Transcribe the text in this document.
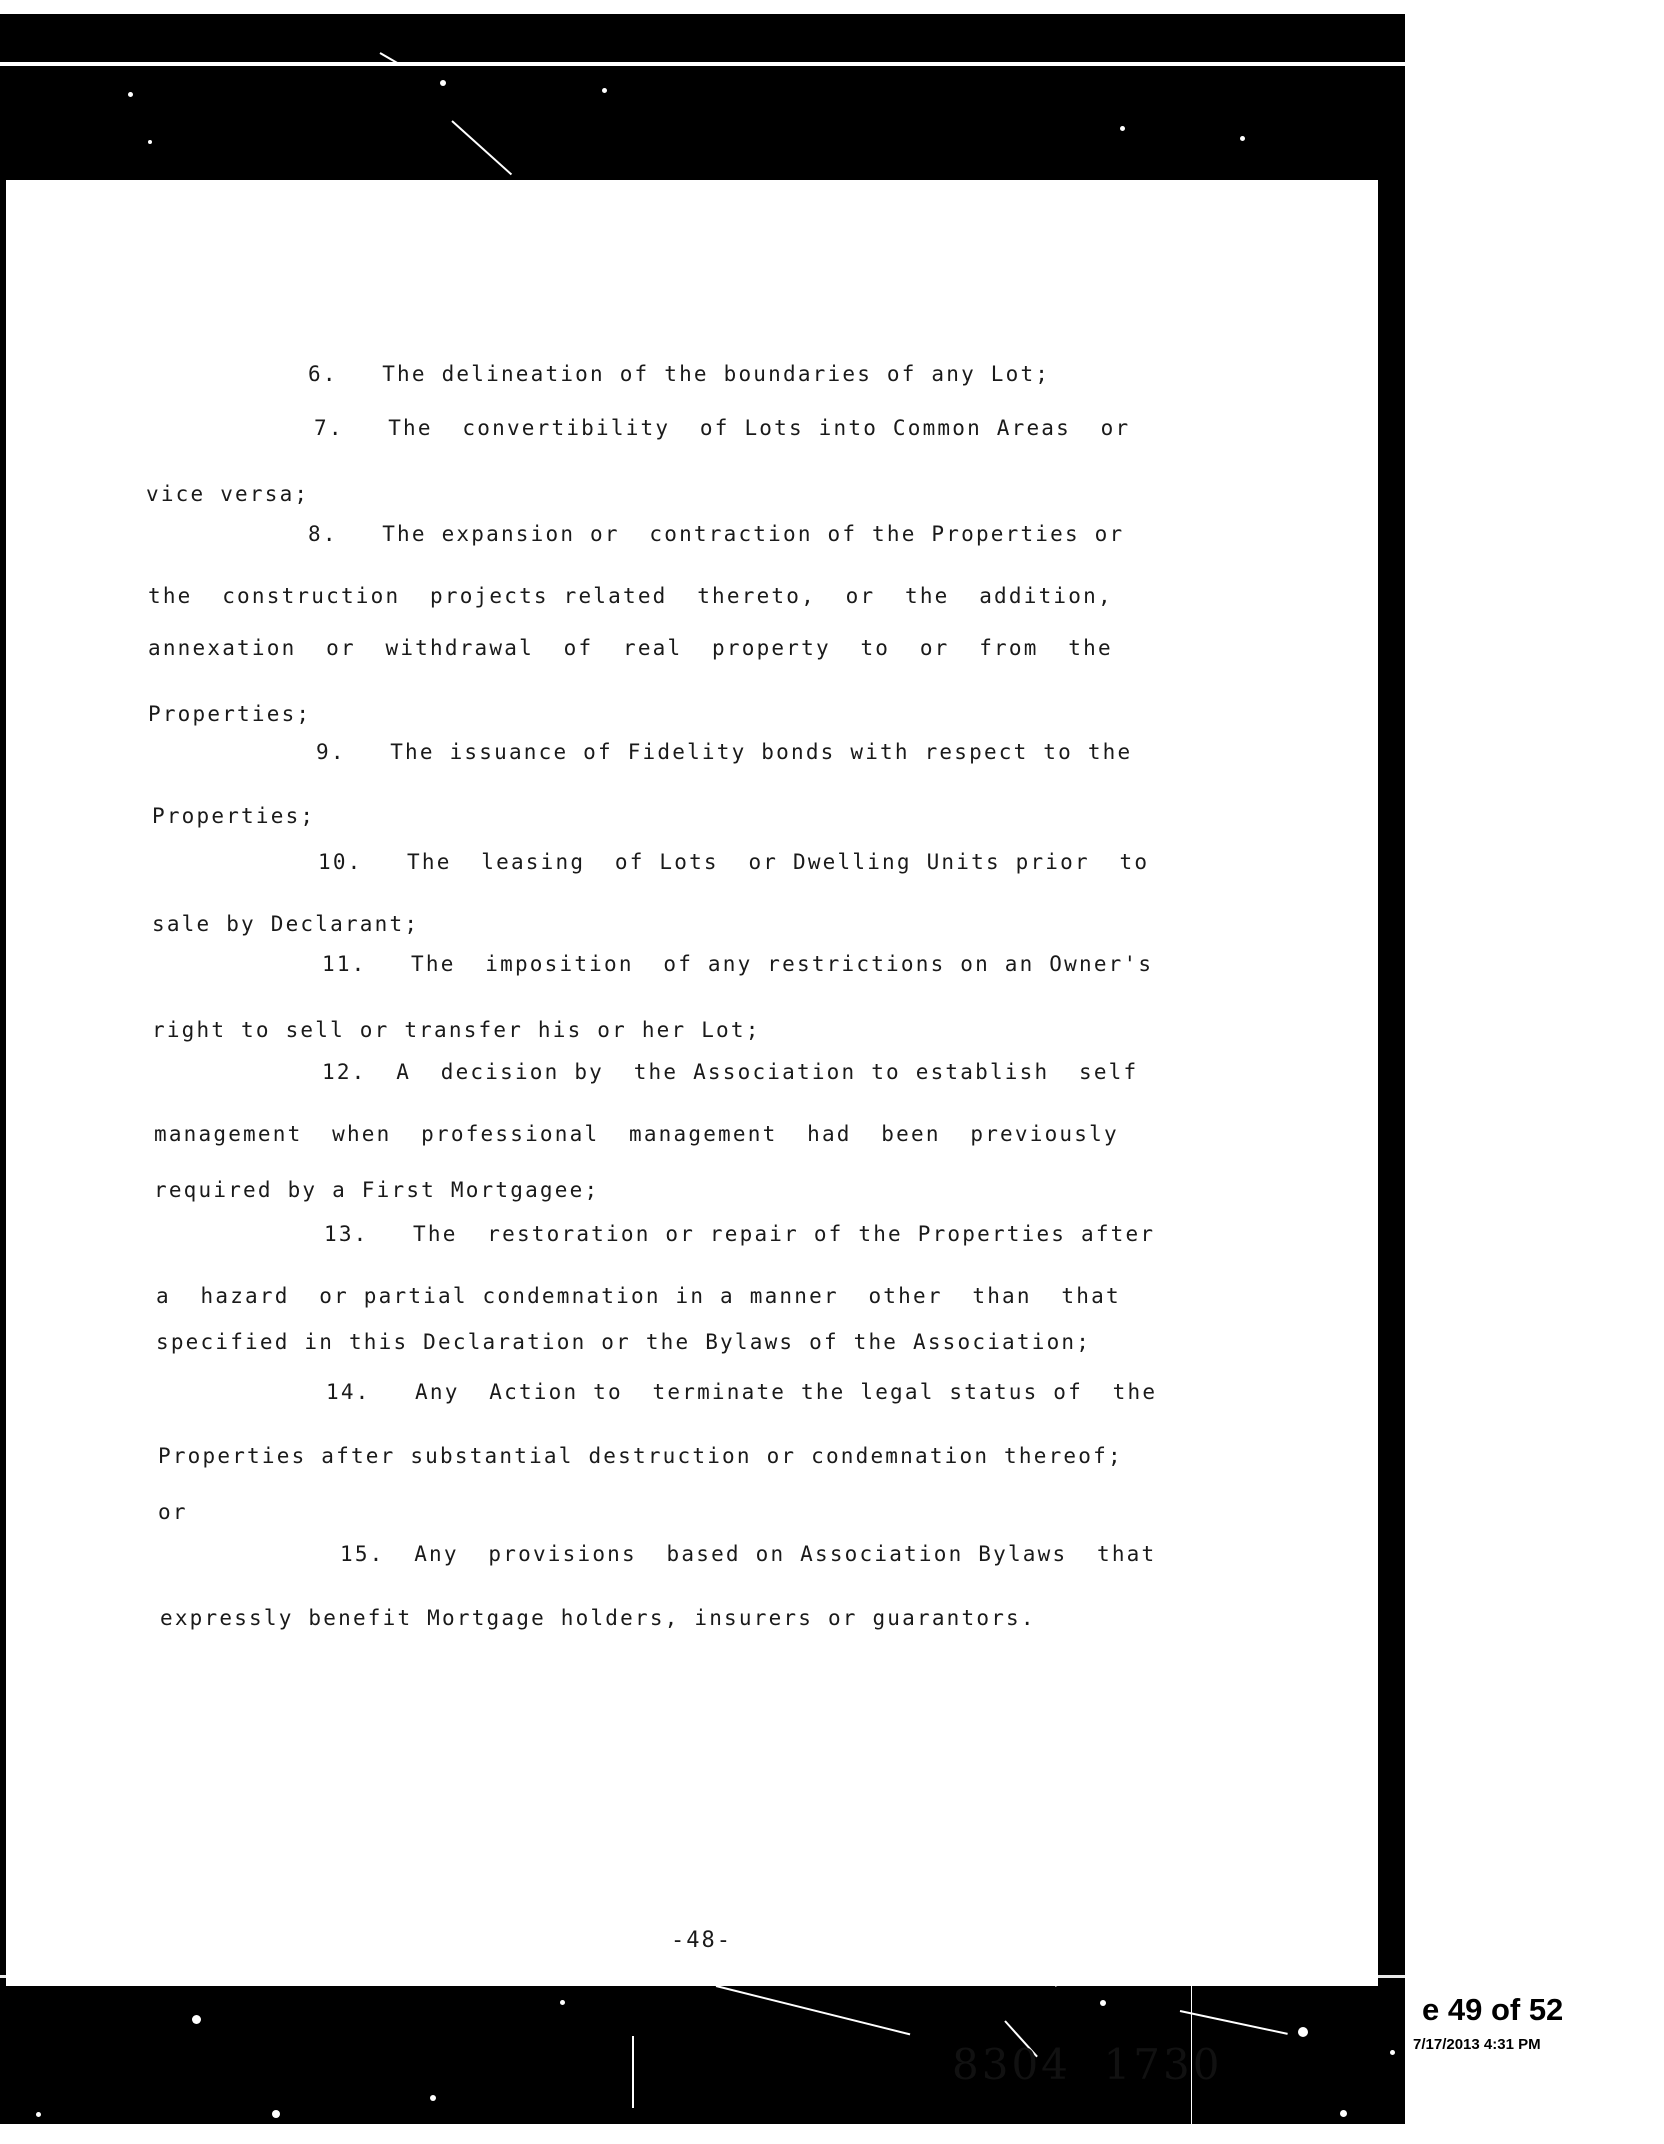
6.   The delineation of the boundaries of any Lot;

7.   The  convertibility  of Lots into Common Areas  or

vice versa;

8.   The expansion or  contraction of the Properties or

the  construction  projects related  thereto,  or  the  addition,

annexation  or  withdrawal  of  real  property  to  or  from  the

Properties;

9.   The issuance of Fidelity bonds with respect to the

Properties;

10.   The  leasing  of Lots  or Dwelling Units prior  to

sale by Declarant;

11.   The  imposition  of any restrictions on an Owner's

right to sell or transfer his or her Lot;

12.  A  decision by  the Association to establish  self

management  when  professional  management  had  been  previously

required by a First Mortgagee;

13.   The  restoration or repair of the Properties after

a  hazard  or partial condemnation in a manner  other  than  that

specified in this Declaration or the Bylaws of the Association;

14.   Any  Action to  terminate the legal status of  the

Properties after substantial destruction or condemnation thereof;

or

15.  Any  provisions  based on Association Bylaws  that

expressly benefit Mortgage holders, insurers or guarantors.

-48-

8304  1730

e 49 of 52

7/17/2013 4:31 PM
